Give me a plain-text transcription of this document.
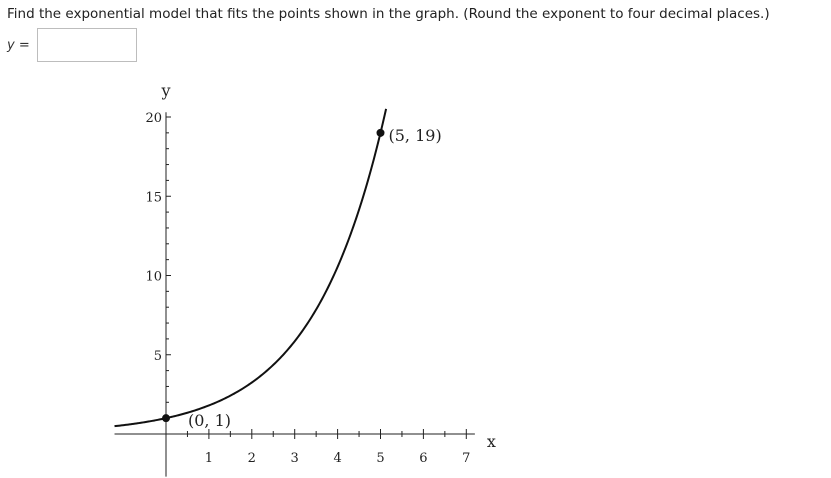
Find the exponential model that fits the points shown in the graph. (Round the exponent to four decimal places.)
y =
1	2	3	4	5	6	7
5
10
15
20
(0, 1)
(5, 19)
x
y
